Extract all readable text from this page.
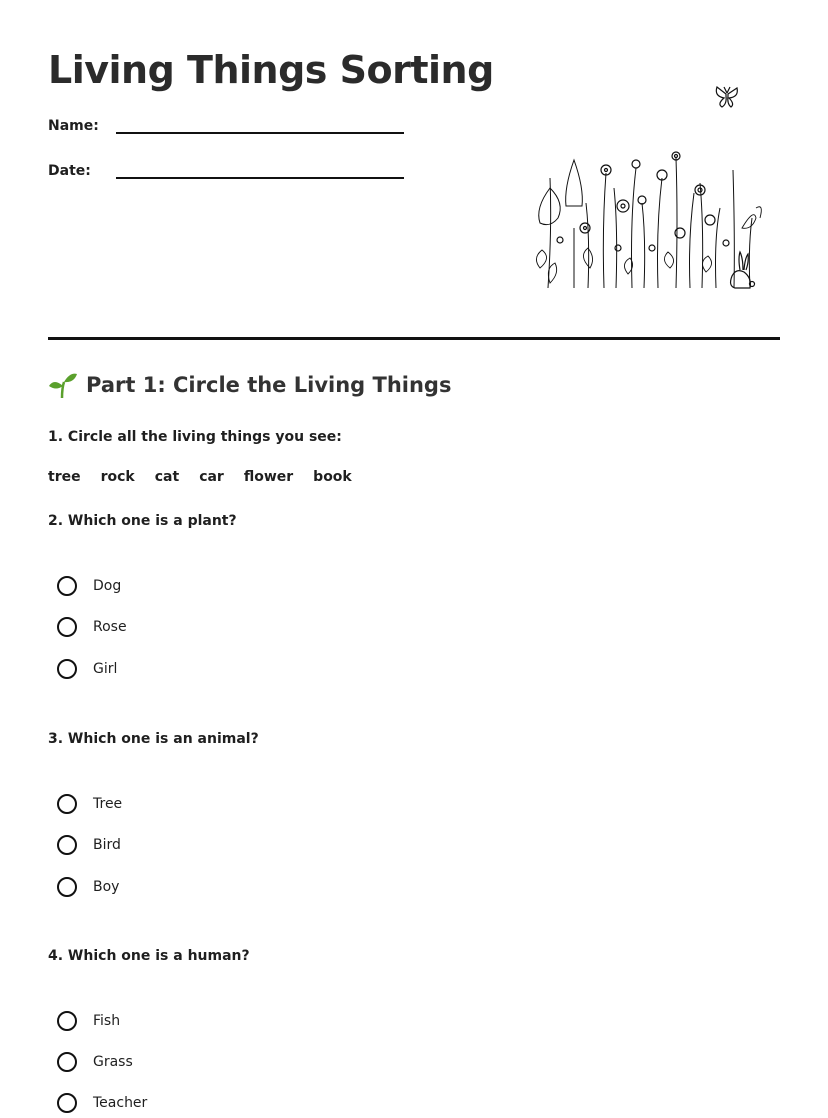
Living Things Sorting
Name:
Date:
Part 1: Circle the Living Things
1. Circle all the living things you see:
tree rock cat car flower book
2. Which one is a plant?
Dog
Rose
Girl
3. Which one is an animal?
Tree
Bird
Boy
4. Which one is a human?
Fish
Grass
Teacher
